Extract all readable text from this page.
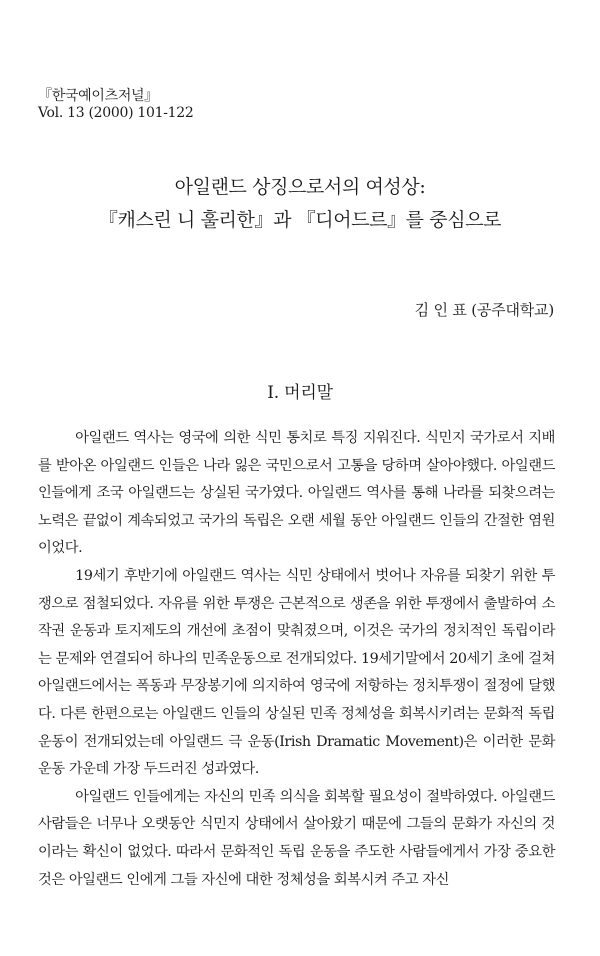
『한국예이츠저널』
Vol. 13 (2000) 101-122
아일랜드 상징으로서의 여성상:
『캐스린 니 훌리한』과 『디어드르』를 중심으로
김 인 표 (공주대학교)
I. 머리말

아일랜드 역사는 영국에 의한 식민 통치로 특징 지워진다. 식민지 국가로서 지배를 받아온 아일랜드 인들은 나라 잃은 국민으로서 고통을 당하며 살아야했다. 아일랜드 인들에게 조국 아일랜드는 상실된 국가였다. 아일랜드 역사를 통해 나라를 되찾으려는 노력은 끝없이 계속되었고 국가의 독립은 오랜 세월 동안 아일랜드 인들의 간절한 염원이었다.

19세기 후반기에 아일랜드 역사는 식민 상태에서 벗어나 자유를 되찾기 위한 투쟁으로 점철되었다. 자유를 위한 투쟁은 근본적으로 생존을 위한 투쟁에서 출발하여 소작권 운동과 토지제도의 개선에 초점이 맞춰졌으며, 이것은 국가의 정치적인 독립이라는 문제와 연결되어 하나의 민족운동으로 전개되었다. 19세기말에서 20세기 초에 걸쳐 아일랜드에서는 폭동과 무장봉기에 의지하여 영국에 저항하는 정치투쟁이 절정에 달했다. 다른 한편으로는 아일랜드 인들의 상실된 민족 정체성을 회복시키려는 문화적 독립운동이 전개되었는데 아일랜드 극 운동(Irish Dramatic Movement)은 이러한 문화운동 가운데 가장 두드러진 성과였다.

아일랜드 인들에게는 자신의 민족 의식을 회복할 필요성이 절박하였다. 아일랜드 사람들은 너무나 오랫동안 식민지 상태에서 살아왔기 때문에 그들의 문화가 자신의 것이라는 확신이 없었다. 따라서 문화적인 독립 운동을 주도한 사람들에게서 가장 중요한 것은 아일랜드 인에게 그들 자신에 대한 정체성을 회복시켜 주고 자신
